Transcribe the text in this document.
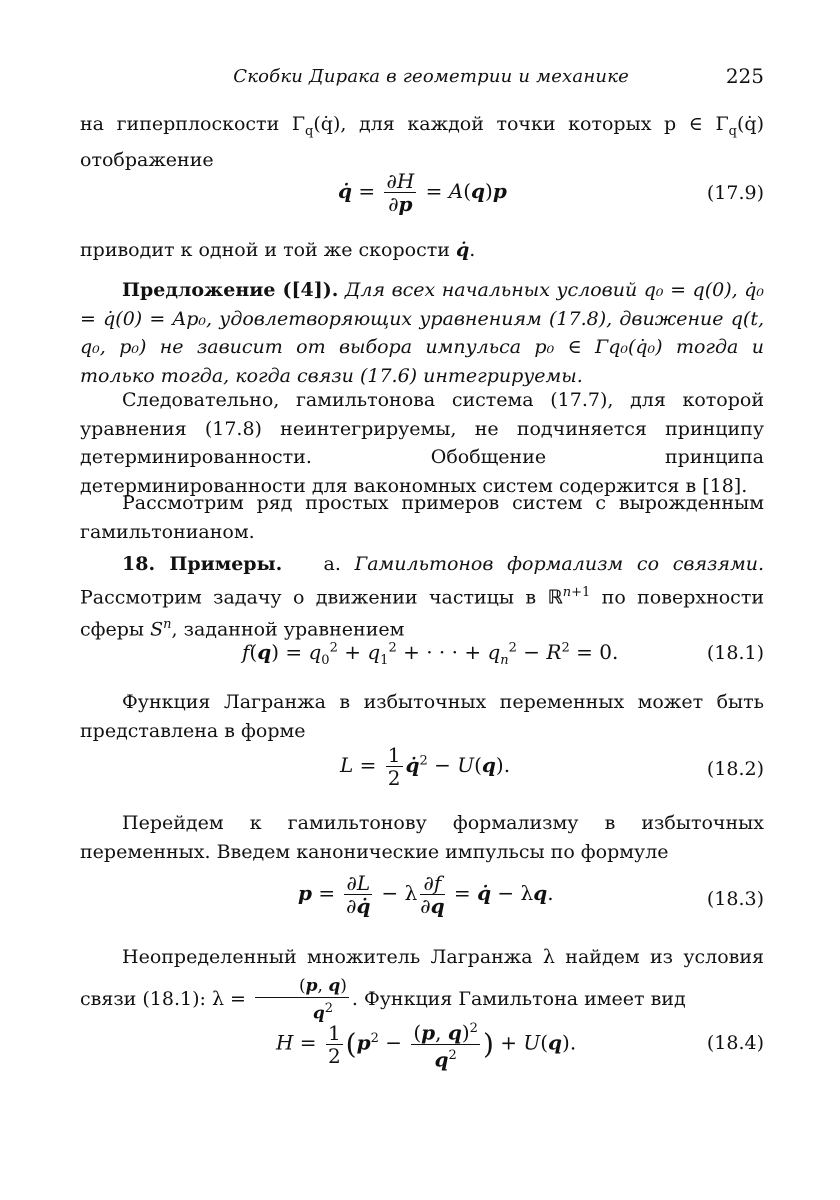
Скобки Дирака в геометрии и механике	225

на гиперплоскости $\Gamma_q(q̇)$, для каждой точки которых p ∈ $\Gamma_q(q̇)$ отображение

q̇ = $\frac{\partial H}{\partial p} = A(q)p$	(17.9)

приводит к одной и той же скорости q̇.

Предложение ([4]). Для всех начальных условий q₀ = q(0), q̇₀ = q̇(0) = Ap₀, удовлетворяющих уравнениям (17.8), движение q(t, q₀, p₀) не зависит от выбора импульса p₀ ∈ Γq₀(q̇₀) тогда и только тогда, когда связи (17.6) интегрируемы.

Следовательно, гамильтонова система (17.7), для которой уравнения (17.8) неинтегрируемы, не подчиняется принципу детерминированности. Обобщение принципа детерминированности для вакономных систем содержится в [18].

Рассмотрим ряд простых примеров систем с вырожденным гамильтонианом.

18. Примеры. а. Гамильтонов формализм со связями. Рассмотрим задачу о движении частицы в ℝ$^{n+1}$ по поверхности сферы $S^n$, заданной уравнением

$f(q) = q_0^2 + q_1^2$ + · · · + $q_n^2 - R^2 = 0$.	(18.1)

Функция Лагранжа в избыточных переменных может быть представлена в форме

$L = \frac{1}{2}$ q̇$^2$ − U(q).	(18.2)

Перейдем к гамильтонову формализму в избыточных переменных. Введем канонические импульсы по формуле

$p = \frac{\partial L}{\partial q̇} - \lambda \frac{\partial f}{\partial q}$ = q̇ − λq.	(18.3)

Неопределенный множитель Лагранжа λ найдем из условия связи (18.1): $\lambda = \frac{(p, q)}{q^2}$ . Функция Гамильтона имеет вид

$H = \frac{1}{2} (p^2 - \frac{(p, q)^2}{q^2}$ ) + U(q).	(18.4)
